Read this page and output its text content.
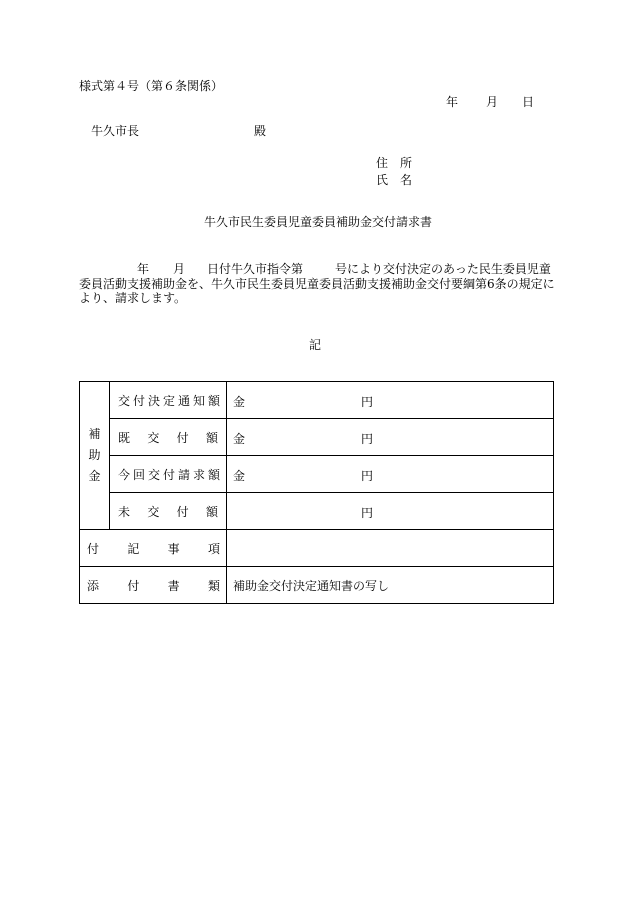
様式第４号（第６条関係）
年 月 日
牛久市長	殿
住　所
氏　名
牛久市民生委員児童委員補助金交付請求書
年 月 日付牛久市指令第	号により交付決定のあった民生委員児童
委員活動支援補助金を、牛久市民生委員児童委員活動支援補助金交付要綱第6条の規定に
より、請求します。
記
補
助
金	交付決定通知額	金 円

	既交付額	金 円

	今回交付請求額	金 円

	未交付額	円

付記事項		
添付書類		補助金交付決定通知書の写し
